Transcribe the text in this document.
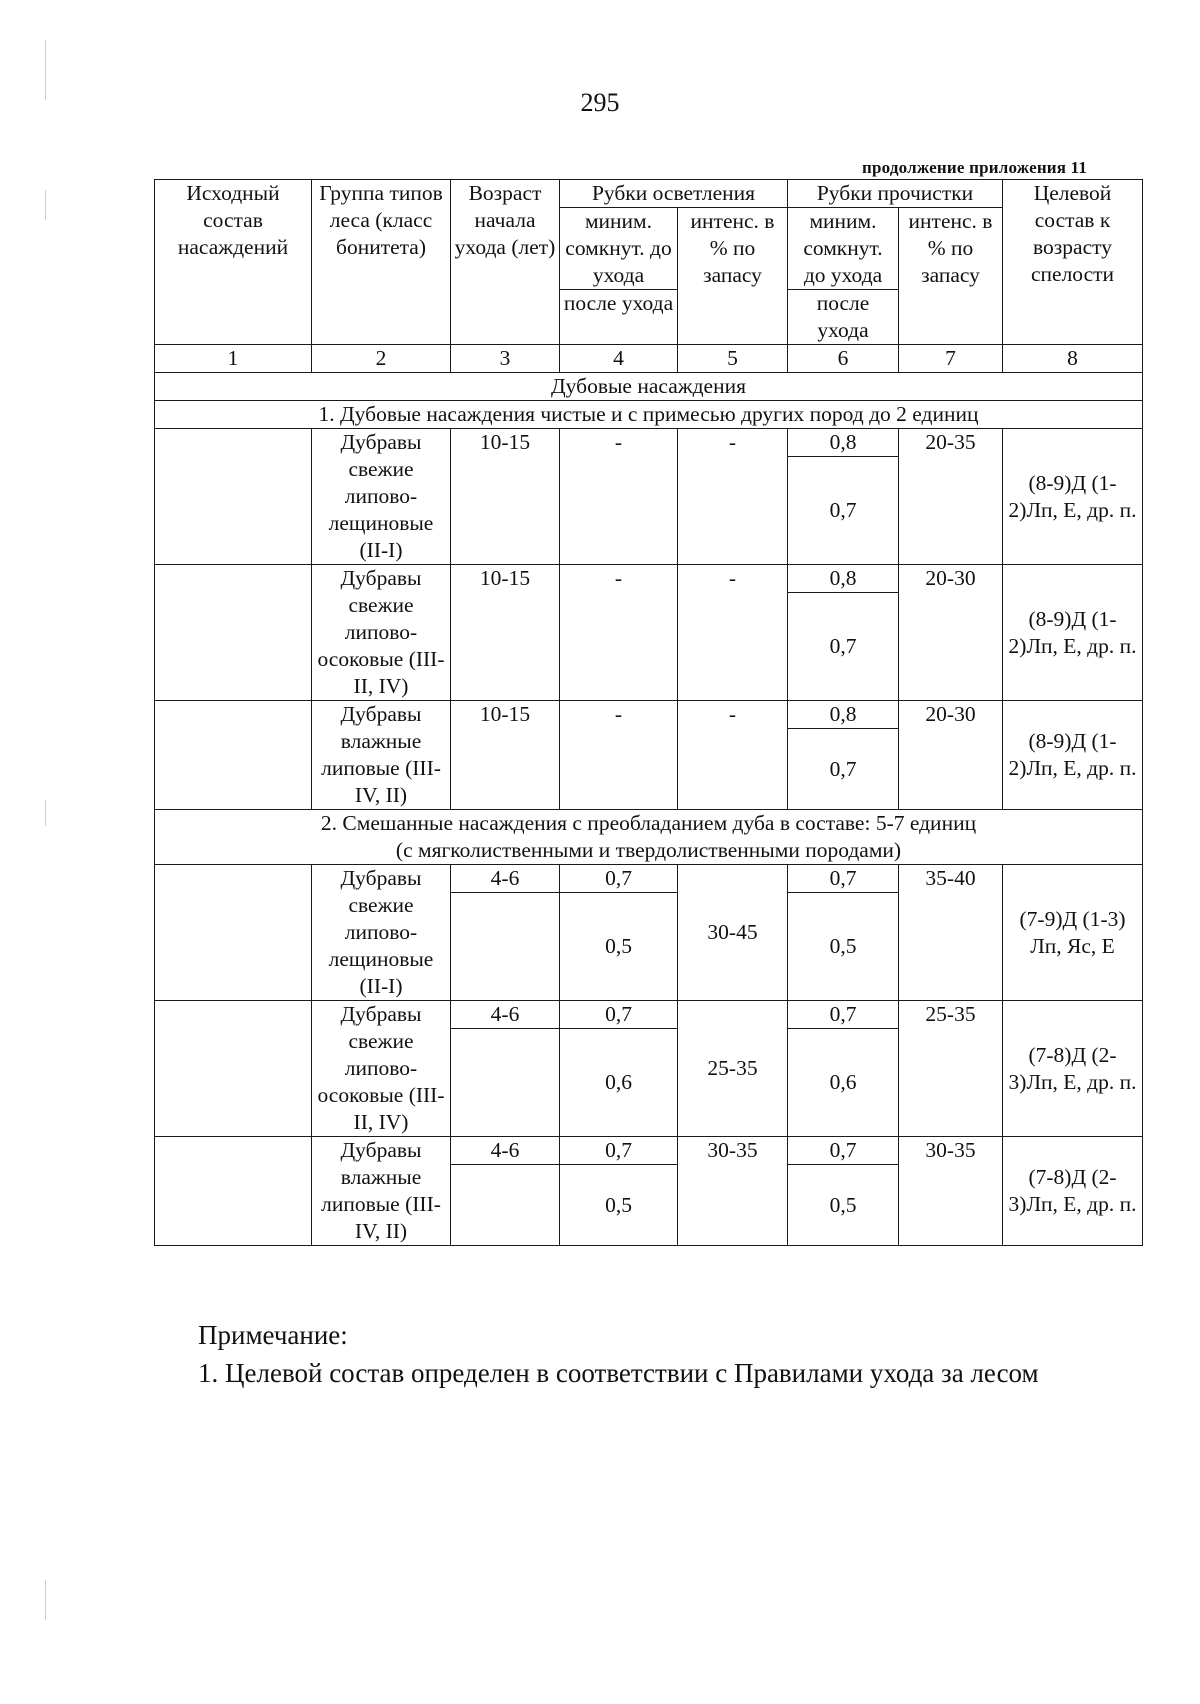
295
продолжение приложения 11
Исходный состав насаждений	Группа типов леса (класс бонитета)	Возраст начала ухода (лет)	Рубки осветления		Рубки прочистки		Целевой состав к возрасту спелости
			миним. сомкнут. до ухода	интенс. в % по запасу	миним. сомкнут. до ухода	интенс. в % по запасу	
			после ухода		после ухода		

1	2	3	4	5	6	7	8
Дубовые насаждения							
1. Дубовые насаждения чистые и с примесью других пород до 2 единиц							
	Дубравы свежие липово-лещиновые (II-I)	10-15	-	-	0,8	20-35	(8-9)Д (1-2)Лп, Е, др. п.
					0,7		
	Дубравы свежие липово-осоковые (III-II, IV)	10-15	-	-	0,8	20-30	(8-9)Д (1-2)Лп, Е, др. п.
					0,7		
	Дубравы влажные липовые (III-IV, II)	10-15	-	-	0,8	20-30	(8-9)Д (1-2)Лп, Е, др. п.
					0,7		

2. Смешанные насаждения с преобладанием дуба в составе: 5-7 единиц
(с мягколиственными и твердолиственными породами)							

	Дубравы свежие липово-лещиновые (II-I)	4-6	0,7	30-45	0,7	35-40	(7-9)Д (1-3) Лп, Яс, Е
			0,5		0,5		
	Дубравы свежие липово-осоковые (III-II, IV)	4-6	0,7	25-35	0,7	25-35	(7-8)Д (2-3)Лп, Е, др. п.
			0,6		0,6		
	Дубравы влажные липовые (III-IV, II)	4-6	0,7	30-35	0,7	30-35	(7-8)Д (2-3)Лп, Е, др. п.
			0,5		0,5		
Примечание:
1. Целевой состав определен в соответствии с Правилами ухода за лесом
